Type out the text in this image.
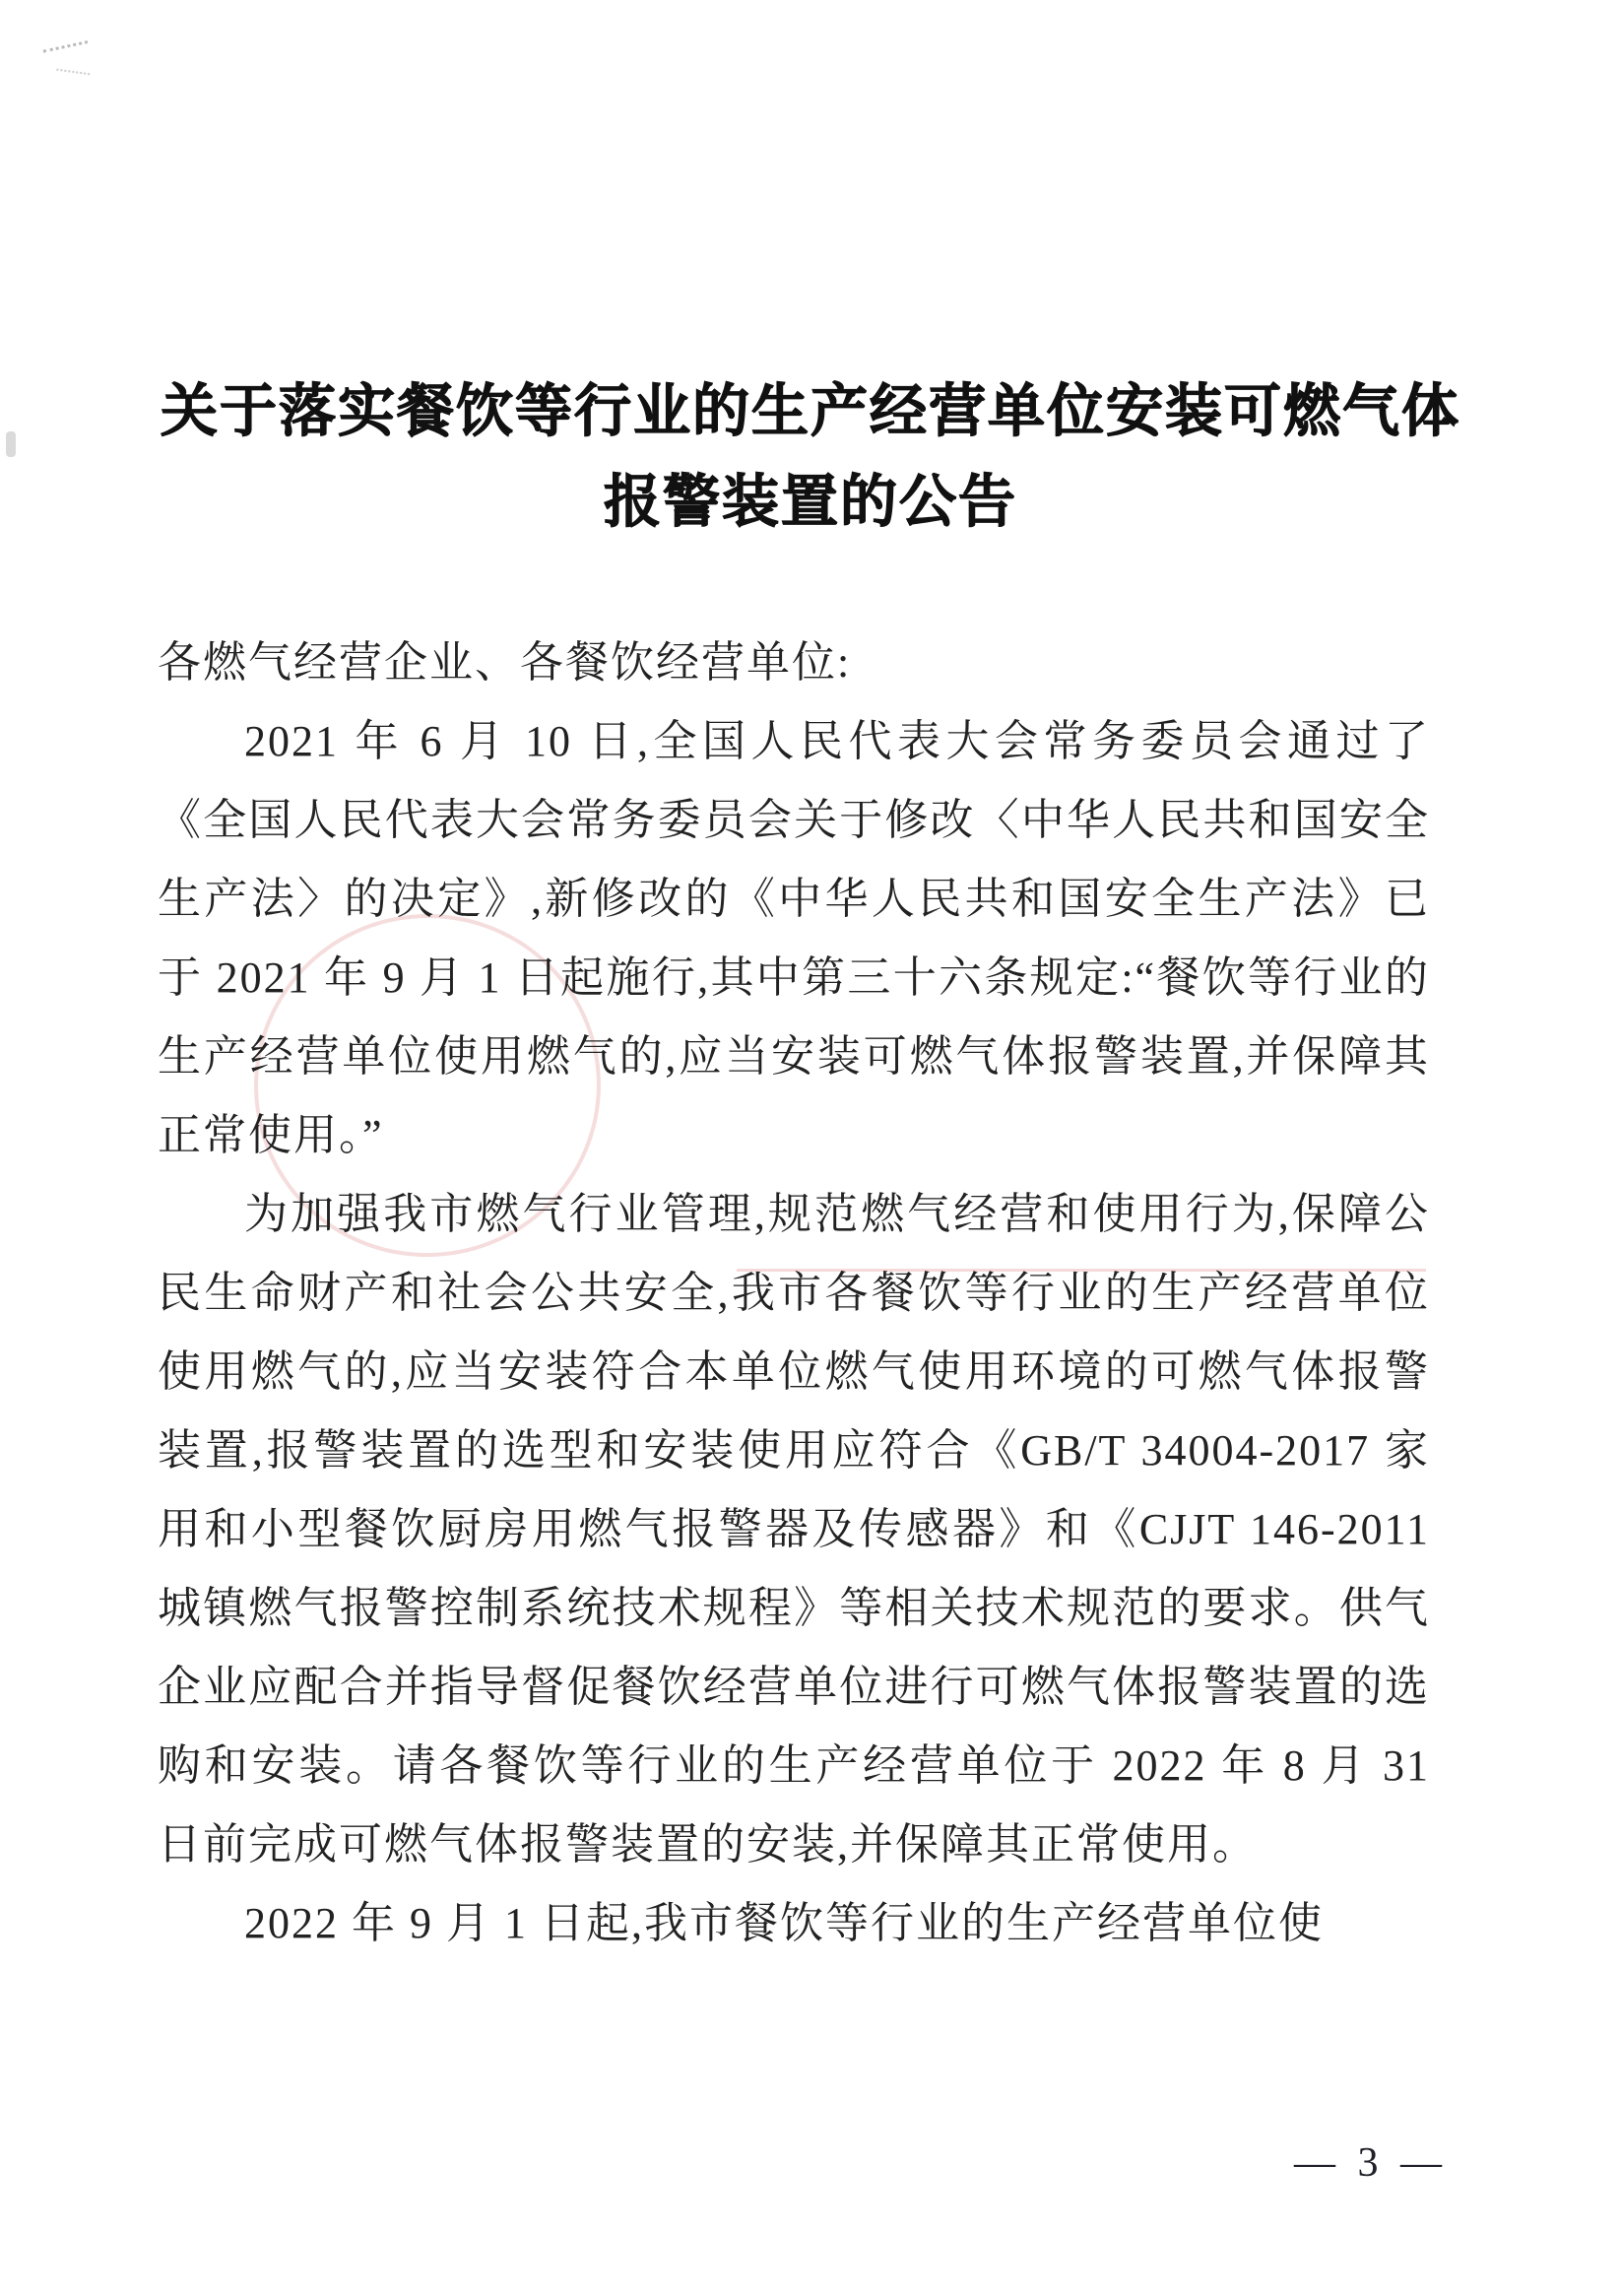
关于落实餐饮等行业的生产经营单位安装可燃气体
报警装置的公告

各燃气经营企业、各餐饮经营单位:

2021 年 6 月 10 日,全国人民代表大会常务委员会通过了《全国人民代表大会常务委员会关于修改〈中华人民共和国安全生产法〉的决定》,新修改的《中华人民共和国安全生产法》已于 2021 年 9 月 1 日起施行,其中第三十六条规定:“餐饮等行业的生产经营单位使用燃气的,应当安装可燃气体报警装置,并保障其正常使用。”

为加强我市燃气行业管理,规范燃气经营和使用行为,保障公民生命财产和社会公共安全,我市各餐饮等行业的生产经营单位使用燃气的,应当安装符合本单位燃气使用环境的可燃气体报警装置,报警装置的选型和安装使用应符合《GB/T 34004-2017 家用和小型餐饮厨房用燃气报警器及传感器》和《CJJT 146-2011 城镇燃气报警控制系统技术规程》等相关技术规范的要求。供气企业应配合并指导督促餐饮经营单位进行可燃气体报警装置的选购和安装。请各餐饮等行业的生产经营单位于 2022 年 8 月 31 日前完成可燃气体报警装置的安装,并保障其正常使用。

2022 年 9 月 1 日起,我市餐饮等行业的生产经营单位使

— 3 —
